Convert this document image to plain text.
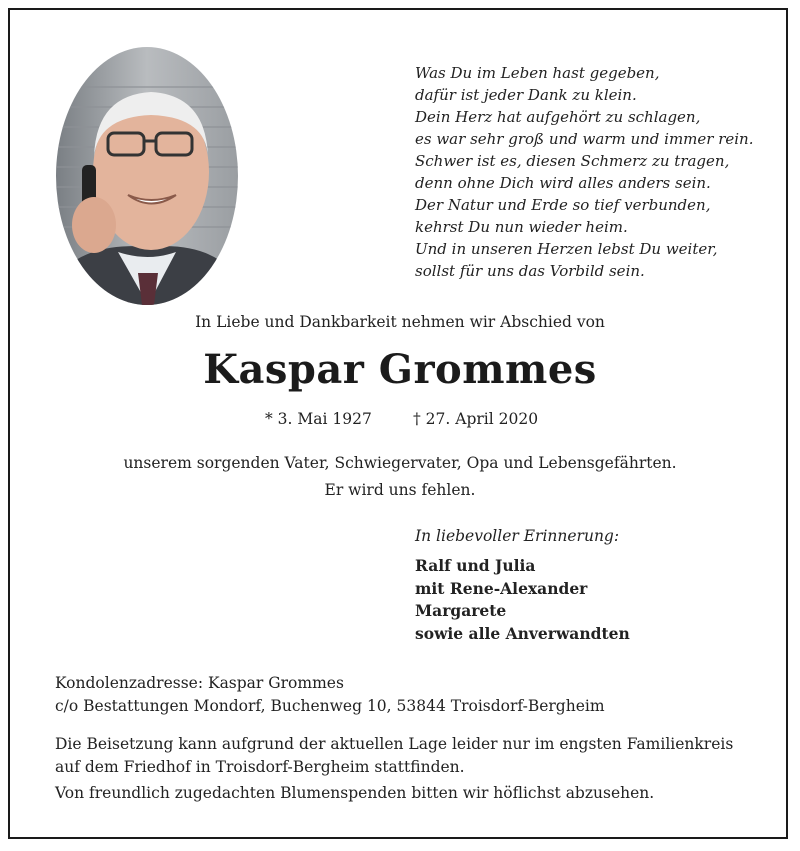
Was Du im Leben hast gegeben,
dafür ist jeder Dank zu klein.
Dein Herz hat aufgehört zu schlagen,
es war sehr groß und warm und immer rein.
Schwer ist es, diesen Schmerz zu tragen,
denn ohne Dich wird alles anders sein.
Der Natur und Erde so tief verbunden,
kehrst Du nun wieder heim.
Und in unseren Herzen lebst Du weiter,
sollst für uns das Vorbild sein.
In Liebe und Dankbarkeit nehmen wir Abschied von
Kaspar Grommes
* 3. Mai 1927	† 27. April 2020
unserem sorgenden Vater, Schwiegervater, Opa und Lebensgefährten.
Er wird uns fehlen.
In liebevoller Erinnerung:
Ralf und Julia
mit Rene-Alexander
Margarete
sowie alle Anverwandten
Kondolenzadresse: Kaspar Grommes
c/o Bestattungen Mondorf, Buchenweg 10, 53844 Troisdorf-Bergheim
Die Beisetzung kann aufgrund der aktuellen Lage leider nur im engsten Familienkreis
auf dem Friedhof in Troisdorf-Bergheim stattfinden.
Von freundlich zugedachten Blumenspenden bitten wir höflichst abzusehen.
